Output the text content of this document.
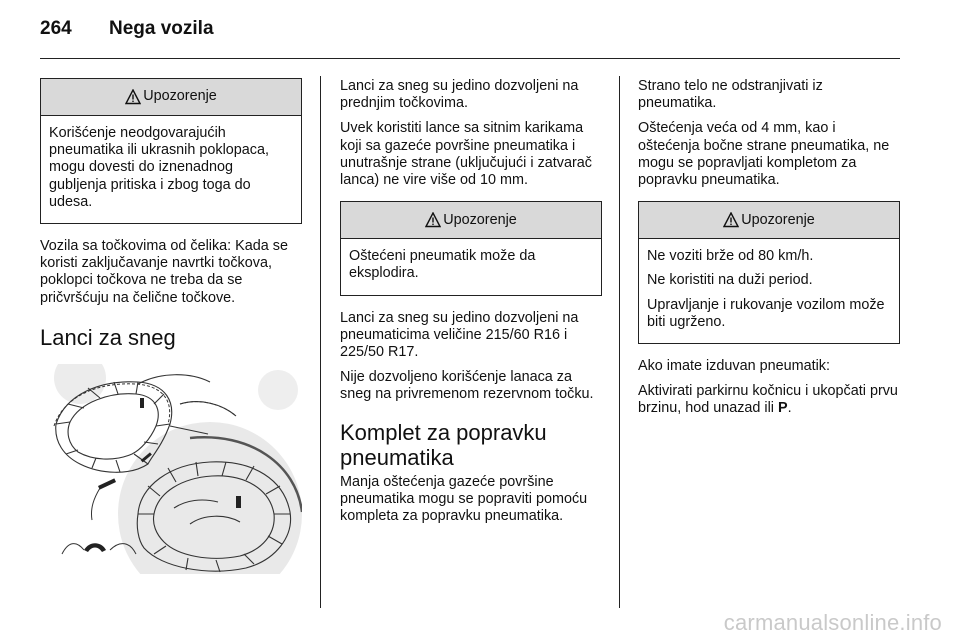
264 Nega vozila
Upozorenje

Korišćenje neodgovarajućih pneumatika ili ukrasnih poklopaca, mogu dovesti do iznenadnog gubljenja pritiska i zbog toga do udesa.

Vozila sa točkovima od čelika: Kada se koristi zaključavanje navrtki točkova, poklopci točkova ne treba da se pričvršćuju na čelične točkove.

Lanci za sneg

Lanci za sneg su jedino dozvoljeni na prednjim točkovima.

Uvek koristiti lance sa sitnim karikama koji sa gazeće površine pneumatika i unutrašnje strane (uključujući i zatvarač lanca) ne vire više od 10 mm.

Upozorenje

Oštećeni pneumatik može da eksplodira.

Lanci za sneg su jedino dozvoljeni na pneumaticima veličine 215/60 R16 i 225/50 R17.

Nije dozvoljeno korišćenje lanaca za sneg na privremenom rezervnom točku.

Komplet za popravku pneumatika

Manja oštećenja gazeće površine pneumatika mogu se popraviti pomoću kompleta za popravku pneumatika.

Strano telo ne odstranjivati iz pneumatika.

Oštećenja veća od 4 mm, kao i oštećenja bočne strane pneumatika, ne mogu se popravljati kompletom za popravku pneumatika.

Upozorenje

Ne voziti brže od 80 km/h.

Ne koristiti na duži period.

Upravljanje i rukovanje vozilom može biti ugrženo.

Ako imate izduvan pneumatik:

Aktivirati parkirnu kočnicu i ukopčati prvu brzinu, hod unazad ili P.

carmanualsonline.info
